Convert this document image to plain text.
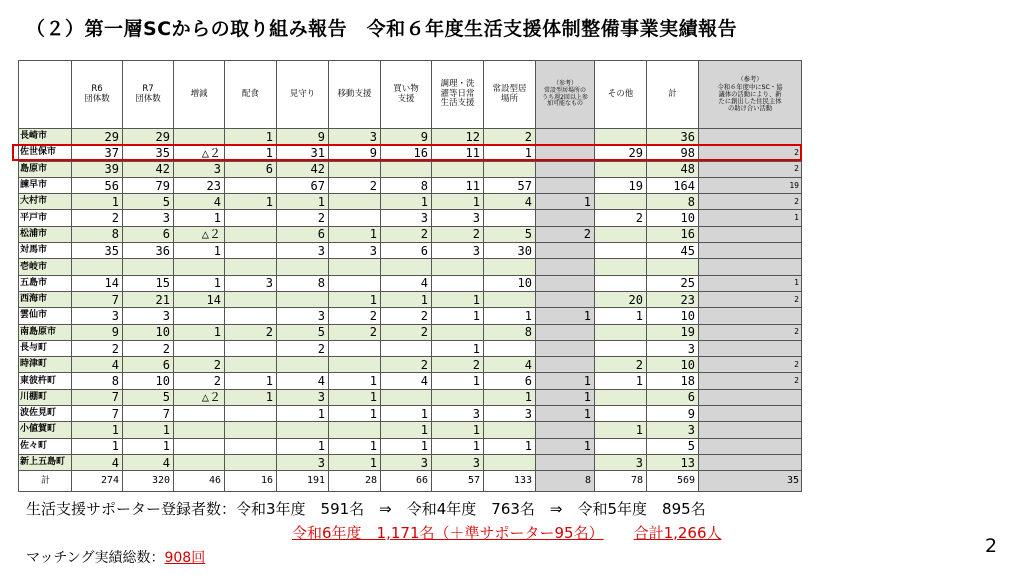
（２）第一層SCからの取り組み報告　令和６年度生活支援体制整備事業実績報告
	R6
団体数	R7
団体数	増減	配食	見守り	移動支援	買い物
支援	調理・洗
濯等日常
生活支援	常設型居
場所	（参考）
常設型居場所の
うち週2回以上参
加可能なもの	その他	計	（参考）
令和６年度中にSC・協
議体の活動により、新
たに創出した住民主体
の助け合い活動
長崎市	29	29		1	9	3	9	12	2			36	
佐世保市	37	35	△２	1	31	9	16	11	1		29	98	2
島原市	39	42	3	6	42							48	2
諫早市	56	79	23		67	2	8	11	57		19	164	19
大村市	1	5	4	1	1		1	1	4	1		8	2
平戸市	2	3	1		2		3	3			2	10	1
松浦市	8	6	△２		6	1	2	2	5	2		16	
対馬市	35	36	1		3	3	6	3	30			45	
壱岐市													
五島市	14	15	1	3	8		4		10			25	1
西海市	7	21	14			1	1	1			20	23	2
雲仙市	3	3			3	2	2	1	1	1	1	10	
南島原市	9	10	1	2	5	2	2		8			19	2
長与町	2	2			2			1				3	
時津町	4	6	2				2	2	4		2	10	2
東彼杵町	8	10	2	1	4	1	4	1	6	1	1	18	2
川棚町	7	5	△２	1	3	1			1	1		6	
波佐見町	7	7			1	1	1	3	3	1		9	
小値賀町	1	1					1	1			1	3	
佐々町	1	1			1	1	1	1	1	1		5	
新上五島町	4	4			3	1	3	3			3	13	
計	274	320	46	16	191	28	66	57	133	8	78	569	35
生活支援サポーター登録者数：令和3年度　591名　⇒　令和4年度　763名　⇒　令和5年度　895名
令和6年度　1,171名（＋準サポーター95名） 合計1,266人
マッチング実績総数：908回
2
